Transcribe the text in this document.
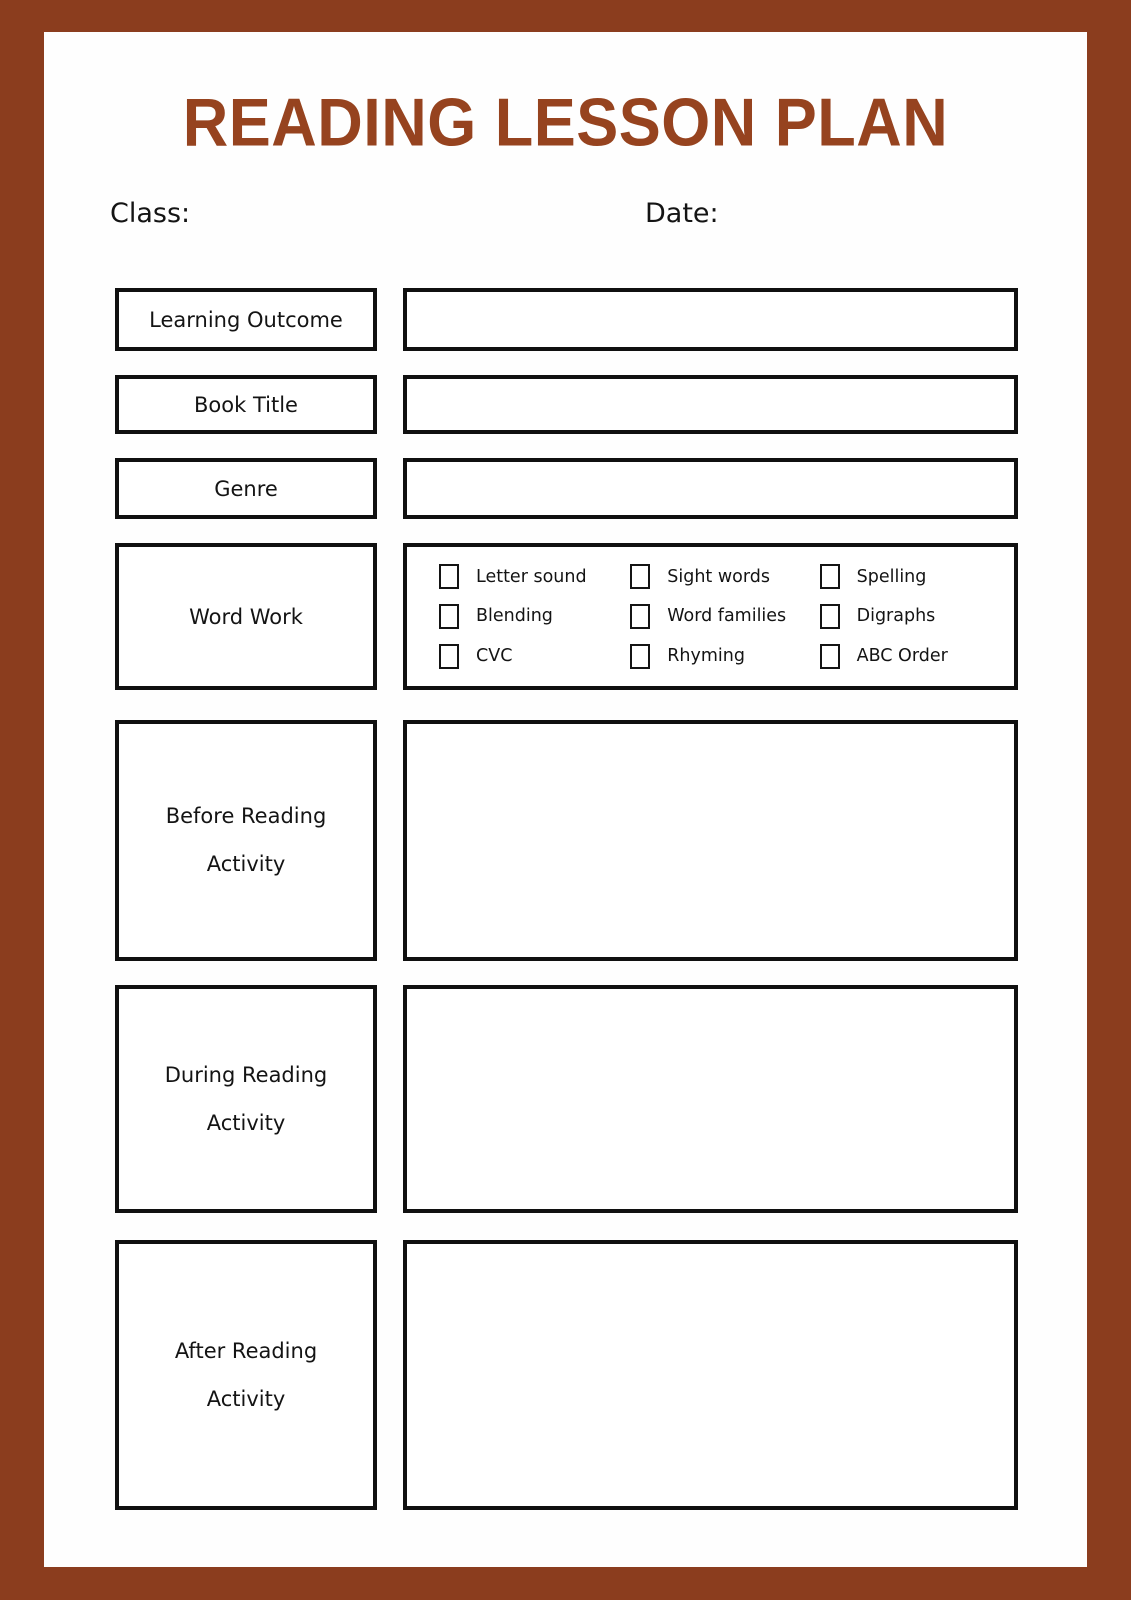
READING LESSON PLAN
Class:	Date:
Learning Outcome
Book Title
Genre
Word Work
Letter sound	Sight words	Spelling
Blending	Word families	Digraphs
CVC	Rhyming	ABC Order
Before Reading
Activity
During Reading
Activity
After Reading
Activity
